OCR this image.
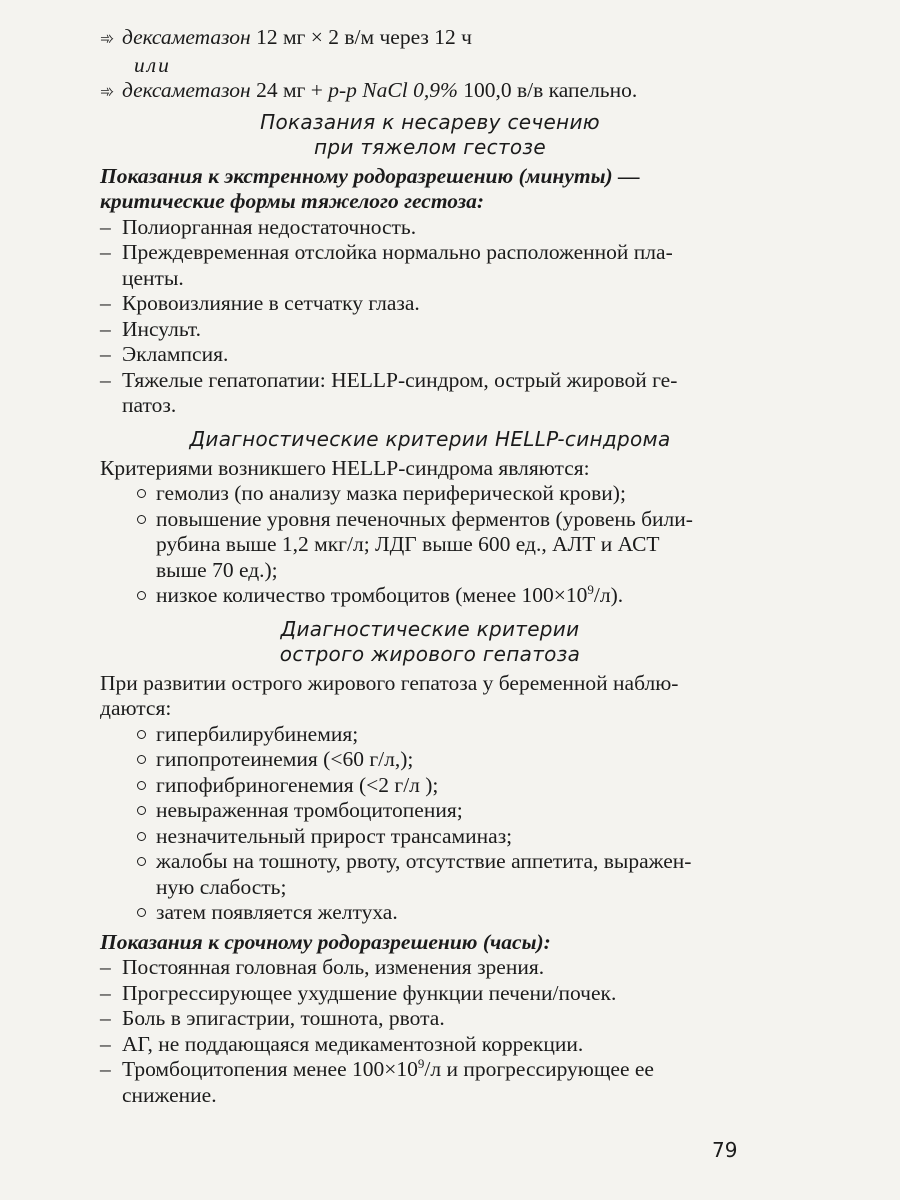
➾ дексаметазон 12 мг × 2 в/м через 12 ч
или
➾ дексаметазон 24 мг + р-р NaCl 0,9% 100,0 в/в капельно.
Показания к несареву сечению
при тяжелом гестозе
Показания к экстренному родоразрешению (минуты) —
критические формы тяжелого гестоза:
– Полиорганная недостаточность.
– Преждевременная отслойка нормально расположенной пла-
центы.
– Кровоизлияние в сетчатку глаза.
– Инсульт.
– Эклампсия.
– Тяжелые гепатопатии: HELLP-синдром, острый жировой ге-
патоз.
Диагностические критерии HELLP-синдрома
Критериями возникшего HELLP-синдрома являются:
гемолиз (по анализу мазка периферической крови);
повышение уровня печеночных ферментов (уровень били-
рубина выше 1,2 мкг/л; ЛДГ выше 600 ед., АЛТ и АСТ
выше 70 ед.);
низкое количество тромбоцитов (менее $100\times 10^9/л$).
Диагностические критерии
острого жирового гепатоза
При развитии острого жирового гепатоза у беременной наблю-
даются:
гипербилирубинемия;
гипопротеинемия (<60 г/л,);
гипофибриногенемия (<2 г/л );
невыраженная тромбоцитопения;
незначительный прирост трансаминаз;
жалобы на тошноту, рвоту, отсутствие аппетита, выражен-
ную слабость;
затем появляется желтуха.
Показания к срочному родоразрешению (часы):
– Постоянная головная боль, изменения зрения.
– Прогрессирующее ухудшение функции печени/почек.
– Боль в эпигастрии, тошнота, рвота.
– АГ, не поддающаяся медикаментозной коррекции.
– Тромбоцитопения менее $100\times 10^9/л$ и прогрессирующее ее
снижение.
79
